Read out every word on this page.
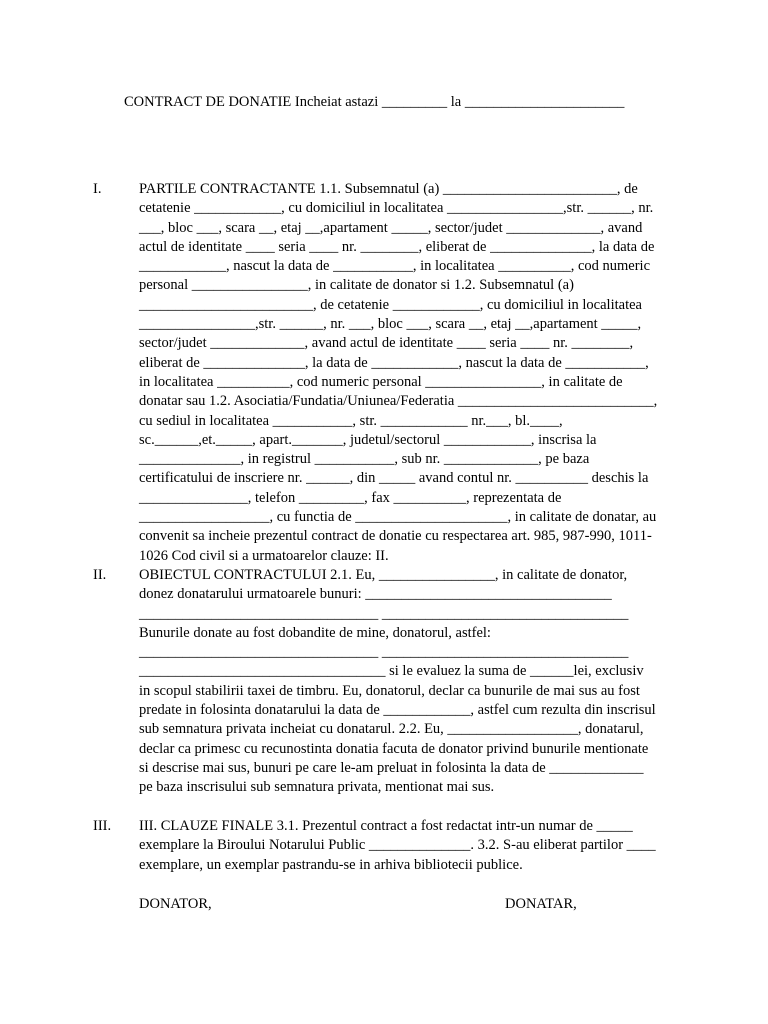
CONTRACT DE DONATIE Incheiat astazi _________ la ______________________
I.	PARTILE CONTRACTANTE 1.1. Subsemnatul (a) ________________________, de
cetatenie ____________, cu domiciliul in localitatea ________________,str. ______, nr.
___, bloc ___, scara __, etaj __,apartament _____, sector/judet _____________, avand
actul de identitate ____ seria ____ nr. ________, eliberat de ______________, la data de
____________, nascut la data de ___________, in localitatea __________, cod numeric
personal ________________, in calitate de donator si 1.2. Subsemnatul (a)
________________________, de cetatenie ____________, cu domiciliul in localitatea
________________,str. ______, nr. ___, bloc ___, scara __, etaj __,apartament _____,
sector/judet _____________, avand actul de identitate ____ seria ____ nr. ________,
eliberat de ______________, la data de ____________, nascut la data de ___________,
in localitatea __________, cod numeric personal ________________, in calitate de
donatar sau 1.2. Asociatia/Fundatia/Uniunea/Federatia ___________________________,
cu sediul in localitatea ___________, str. ____________ nr.___, bl.____,
sc.______,et._____, apart._______, judetul/sectorul ____________, inscrisa la
______________, in registrul ___________, sub nr. _____________, pe baza
certificatului de inscriere nr. ______, din _____ avand contul nr. __________ deschis la
_______________, telefon _________, fax __________, reprezentata de
__________________, cu functia de _____________________, in calitate de donatar, au
convenit sa incheie prezentul contract de donatie cu respectarea art. 985, 987-990, 1011-
1026 Cod civil si a urmatoarelor clauze: II.
II. OBIECTUL CONTRACTULUI 2.1. Eu, ________________, in calitate de donator,
donez donatarului urmatoarele bunuri: __________________________________
_________________________________ __________________________________
Bunurile donate au fost dobandite de mine, donatorul, astfel:
_________________________________ __________________________________
__________________________________ si le evaluez la suma de ______lei, exclusiv
in scopul stabilirii taxei de timbru. Eu, donatorul, declar ca bunurile de mai sus au fost
predate in folosinta donatarului la data de ____________, astfel cum rezulta din inscrisul
sub semnatura privata incheiat cu donatarul. 2.2. Eu, __________________, donatarul,
declar ca primesc cu recunostinta donatia facuta de donator privind bunurile mentionate
si descrise mai sus, bunuri pe care le-am preluat in folosinta la data de _____________
pe baza inscrisului sub semnatura privata, mentionat mai sus.
III. III. CLAUZE FINALE 3.1. Prezentul contract a fost redactat intr-un numar de _____
exemplare la Biroului Notarului Public ______________. 3.2. S-au eliberat partilor ____
exemplare, un exemplar pastrandu-se in arhiva bibliotecii publice.
DONATOR,	DONATAR,
